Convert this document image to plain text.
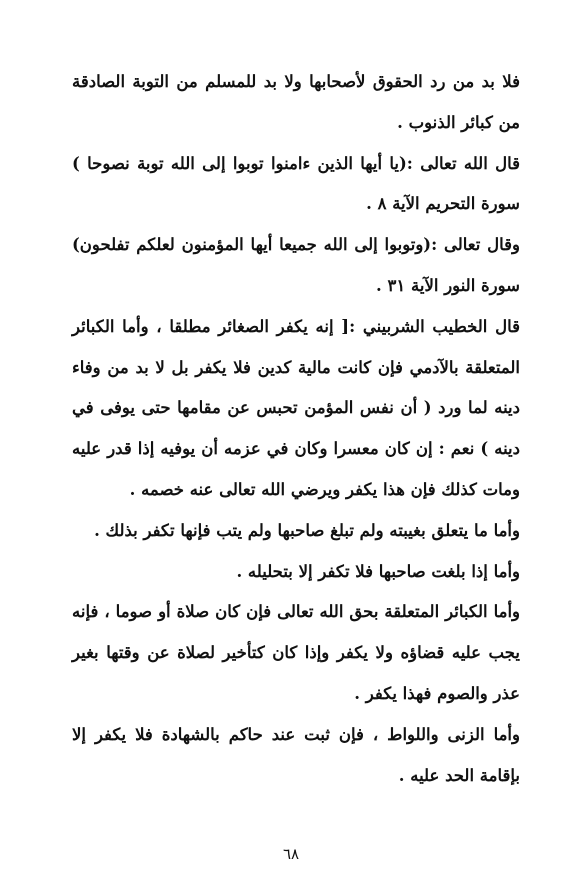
فلا بد من رد الحقوق لأصحابها ولا بد للمسلم من التوبة الصادقة من كبائر الذنوب .

قال الله تعالى :(يا أيها الذين ءامنوا توبوا إلى الله توبة نصوحا ) سورة التحريم الآية ٨ .

وقال تعالى :(وتوبوا إلى الله جميعا أيها المؤمنون لعلكم تفلحون) سورة النور الآية ٣١ .

قال الخطيب الشربيني :[ إنه يكفر الصغائر مطلقا ، وأما الكبائر المتعلقة بالآدمي فإن كانت مالية كدين فلا يكفر بل لا بد من وفاء دينه لما ورد ( أن نفس المؤمن تحبس عن مقامها حتى يوفى في دينه ) نعم : إن كان معسرا وكان في عزمه أن يوفيه إذا قدر عليه ومات كذلك فإن هذا يكفر ويرضي الله تعالى عنه خصمه .

وأما ما يتعلق بغيبته ولم تبلغ صاحبها ولم يتب فإنها تكفر بذلك .

وأما إذا بلغت صاحبها فلا تكفر إلا بتحليله .

وأما الكبائر المتعلقة بحق الله تعالى فإن كان صلاة أو صوما ، فإنه يجب عليه قضاؤه ولا يكفر وإذا كان كتأخير لصلاة عن وقتها بغير عذر والصوم فهذا يكفر .

وأما الزنى واللواط ، فإن ثبت عند حاكم بالشهادة فلا يكفر إلا بإقامة الحد عليه .

٦٨
